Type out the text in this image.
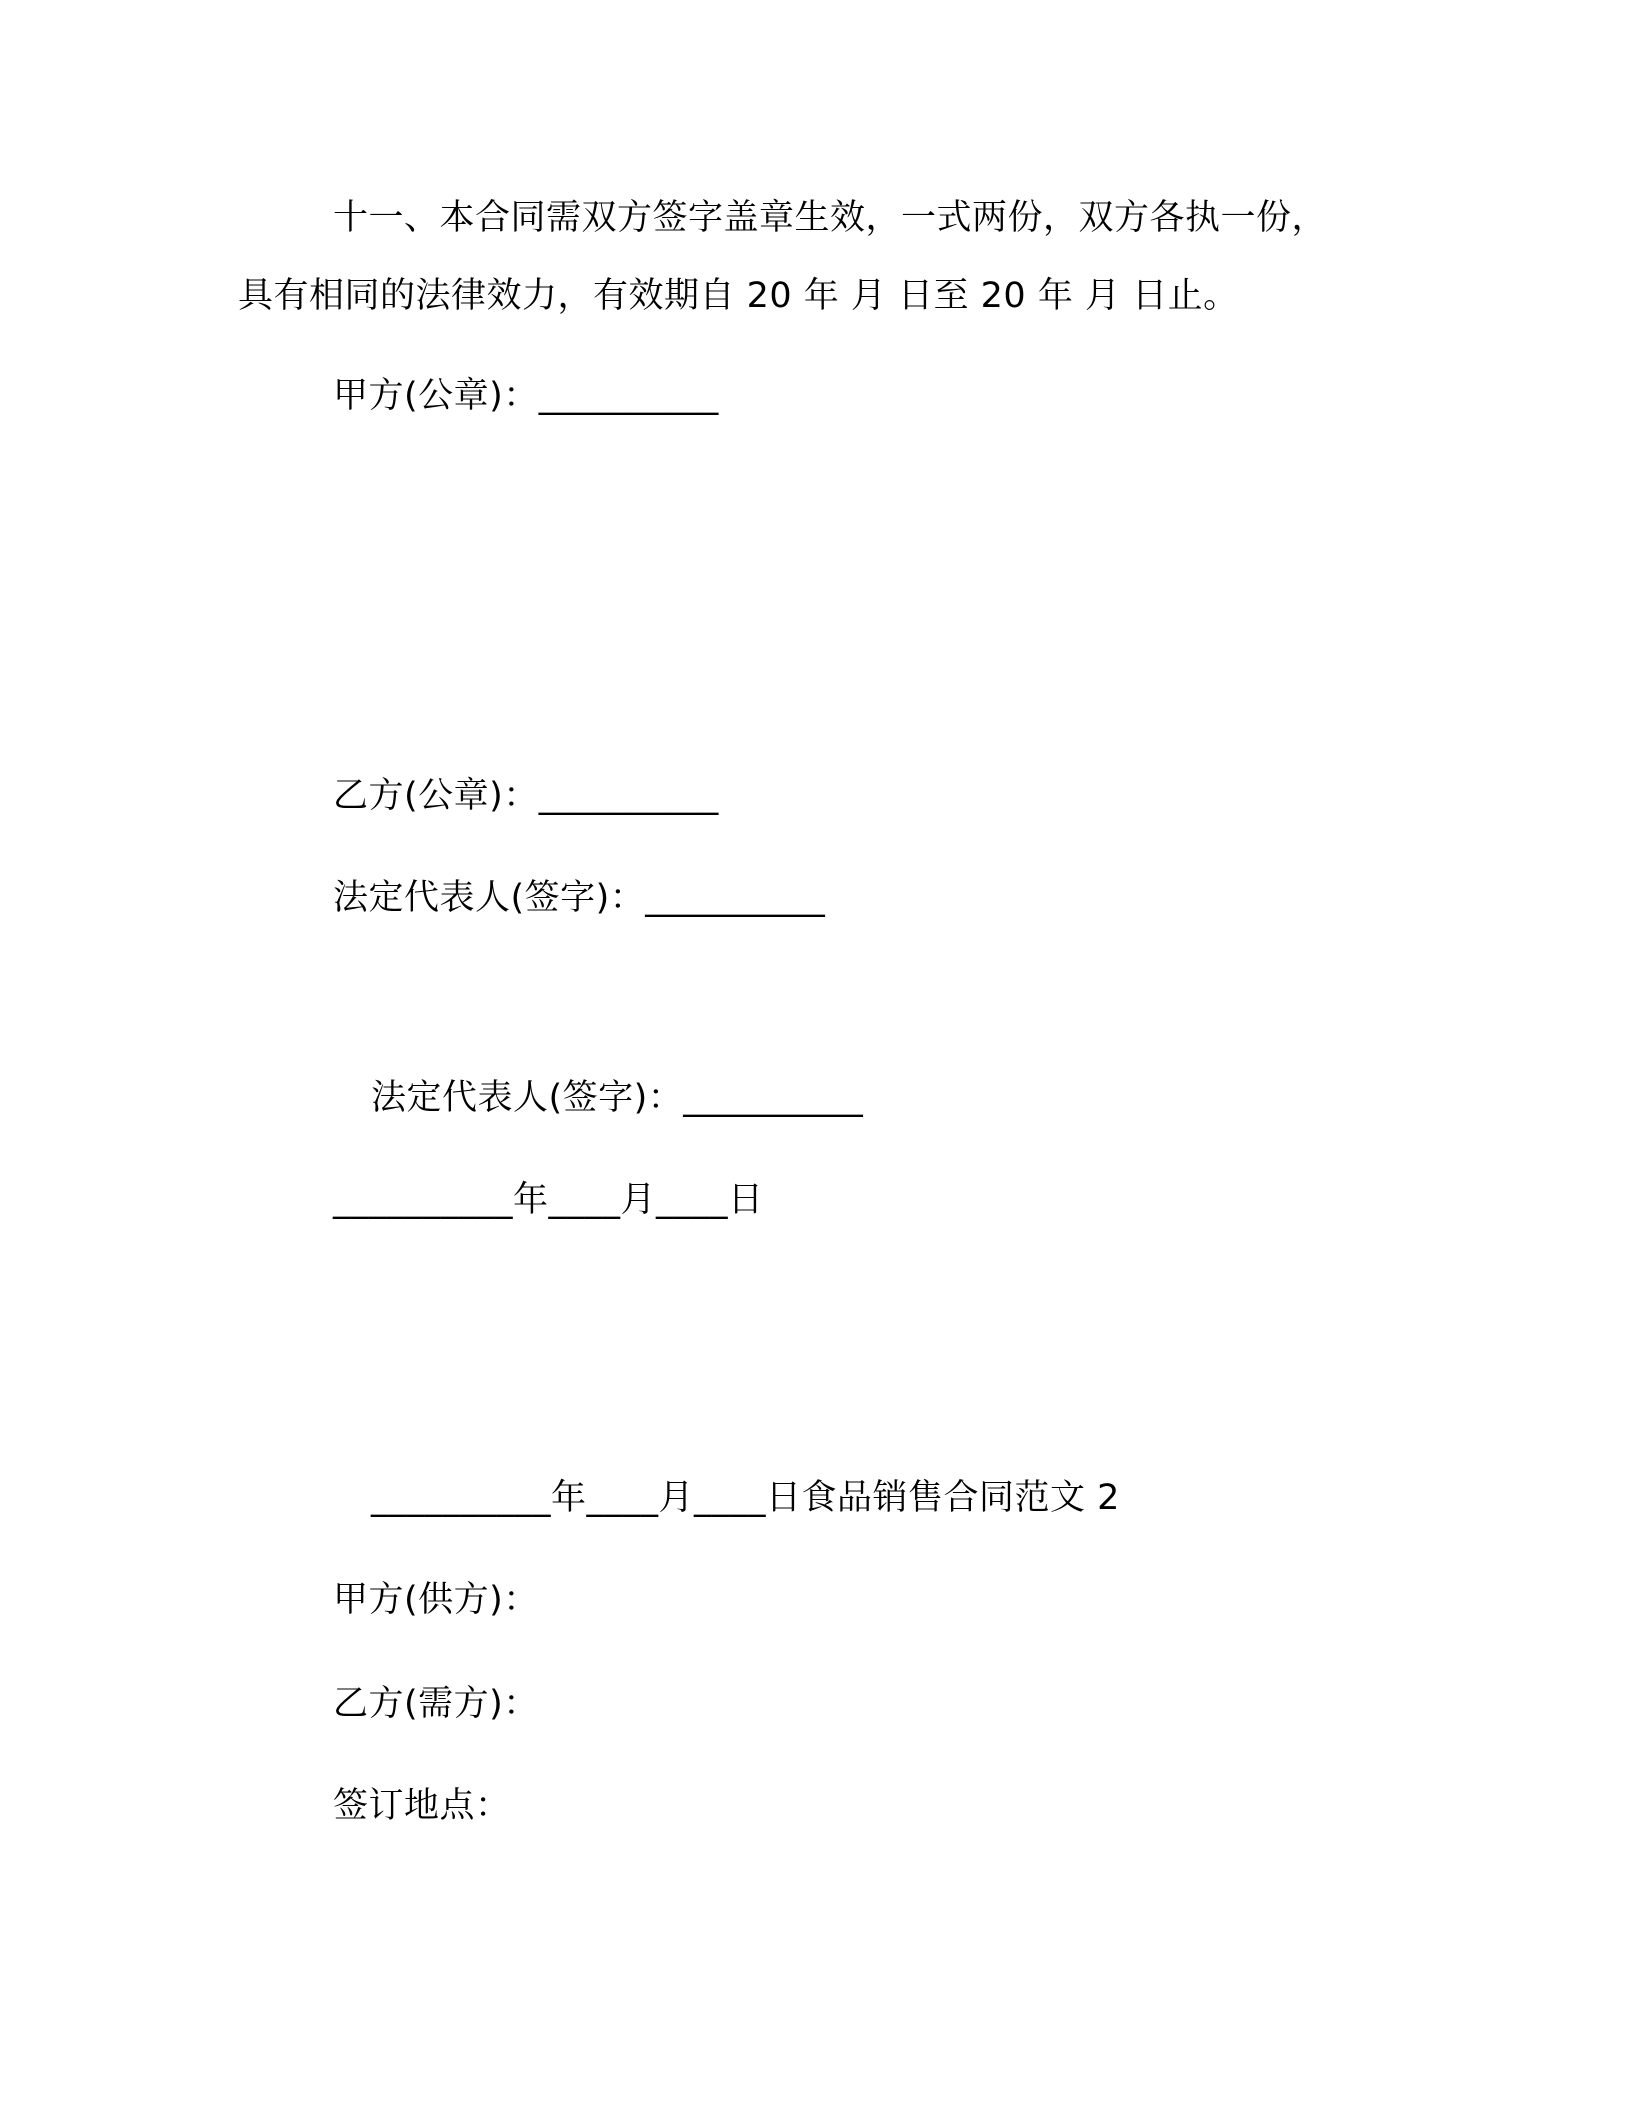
十一、本合同需双方签字盖章生效，一式两份，双方各执一份，
具有相同的法律效力，有效期自 20 年 月 日至 20 年 月 日止。
甲方(公章)：__________
乙方(公章)：__________
法定代表人(签字)：__________
法定代表人(签字)：__________
__________年____月____日
__________年____月____日食品销售合同范文 2
甲方(供方)：
乙方(需方)：
签订地点：
